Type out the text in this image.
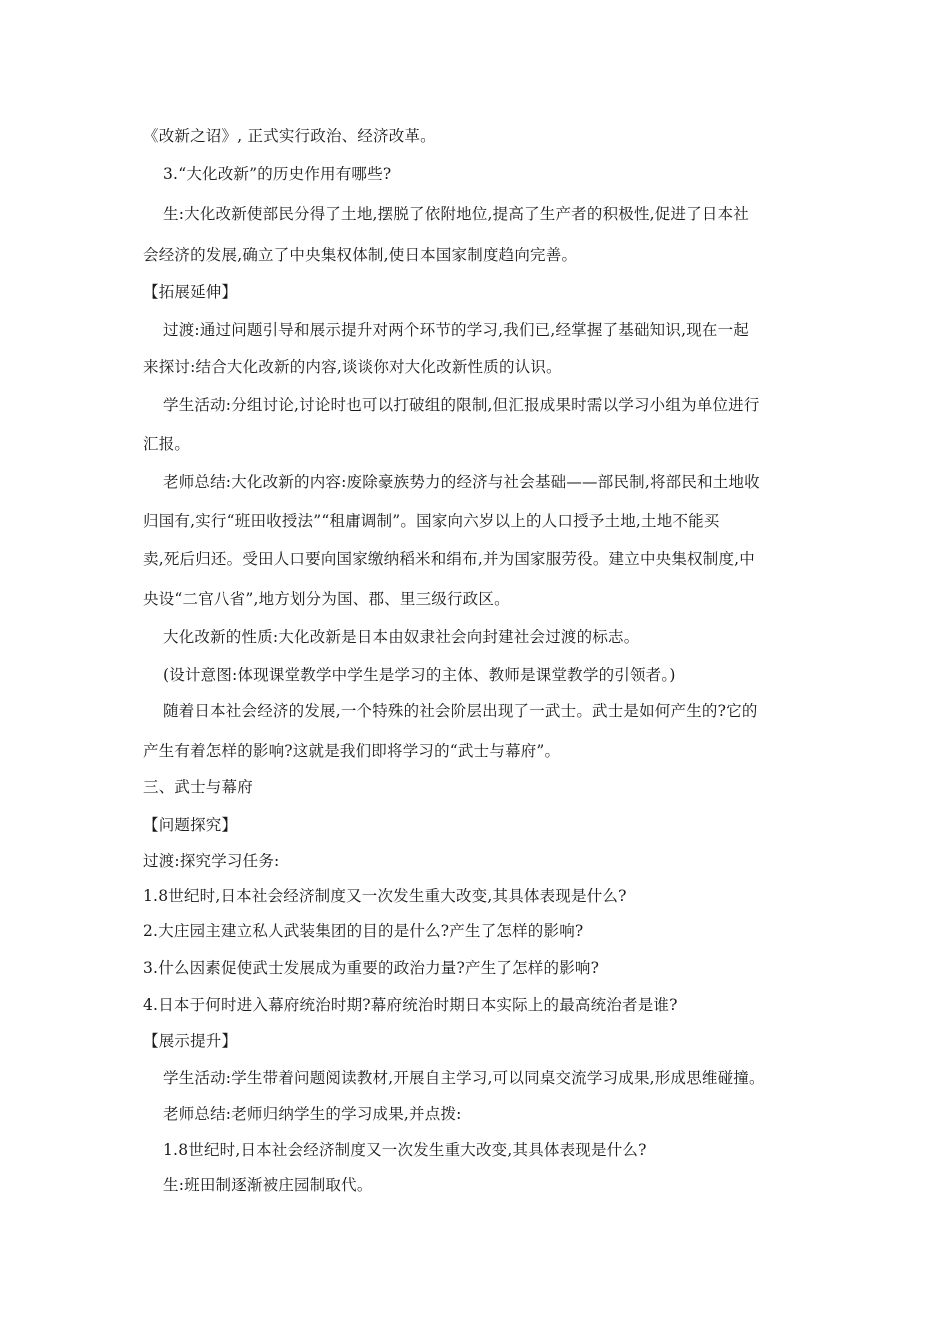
《改新之诏》, 正式实行政治、经济改革。
3.“大化改新”的历史作用有哪些?
生:大化改新使部民分得了土地,摆脱了依附地位,提高了生产者的积极性,促进了日本社
会经济的发展,确立了中央集权体制,使日本国家制度趋向完善。
【拓展延伸】
过渡:通过问题引导和展示提升对两个环节的学习,我们已,经掌握了基础知识,现在一起
来探讨:结合大化改新的内容,谈谈你对大化改新性质的认识。
学生活动:分组讨论,讨论时也可以打破组的限制,但汇报成果时需以学习小组为单位进行
汇报。
老师总结:大化改新的内容:废除豪族势力的经济与社会基础——部民制,将部民和土地收
归国有,实行“班田收授法”“租庸调制”。国家向六岁以上的人口授予土地,土地不能买
卖,死后归还。受田人口要向国家缴纳稻米和绢布,并为国家服劳役。建立中央集权制度,中
央设“二官八省”,地方划分为国、郡、里三级行政区。
大化改新的性质:大化改新是日本由奴隶社会向封建社会过渡的标志。
(设计意图:体现课堂教学中学生是学习的主体、教师是课堂教学的引领者。)
随着日本社会经济的发展,一个特殊的社会阶层出现了一武士。武士是如何产生的?它的
产生有着怎样的影响?这就是我们即将学习的“武士与幕府”。
三、武士与幕府
【问题探究】
过渡:探究学习任务:
1.8世纪时,日本社会经济制度又一次发生重大改变,其具体表现是什么?
2.大庄园主建立私人武装集团的目的是什么?产生了怎样的影响?
3.什么因素促使武士发展成为重要的政治力量?产生了怎样的影响?
4.日本于何时进入幕府统治时期?幕府统治时期日本实际上的最高统治者是谁?
【展示提升】
学生活动:学生带着问题阅读教材,开展自主学习,可以同桌交流学习成果,形成思维碰撞。
老师总结:老师归纳学生的学习成果,并点拨:
1.8世纪时,日本社会经济制度又一次发生重大改变,其具体表现是什么?
生:班田制逐渐被庄园制取代。
